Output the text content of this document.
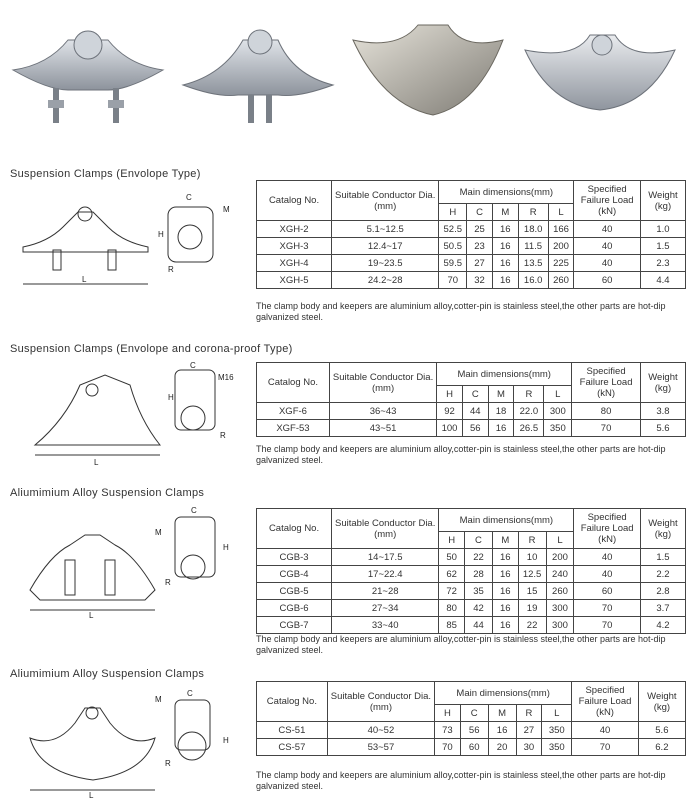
Suspension Clamps (Envolope Type)
L
C
M
H
R
Catalog No.	Suitable Conductor Dia.(mm)	Main dimensions(mm)					Specified Failure Load (kN)	Weight (kg)
		H	C	M	R	L		
XGH-2	5.1~12.5	52.5	25	16	18.0	166	40	1.0
XGH-3	12.4~17	50.5	23	16	11.5	200	40	1.5
XGH-4	19~23.5	59.5	27	16	13.5	225	40	2.3
XGH-5	24.2~28	70	32	16	16.0	260	60	4.4
The clamp body and keepers are aluminium alloy,cotter-pin is stainless steel,the other parts are hot-dip galvanized steel.
Suspension Clamps (Envolope and corona-proof Type)
L
C
M16
H
R
Catalog No.	Suitable Conductor Dia.(mm)	Main dimensions(mm)					Specified Failure Load (kN)	Weight (kg)
		H	C	M	R	L		
XGF-6	36~43	92	44	18	22.0	300	80	3.8
XGF-53	43~51	100	56	16	26.5	350	70	5.6
The clamp body and keepers are aluminium alloy,cotter-pin is stainless steel,the other parts are hot-dip galvanized steel.
Aliumimium Alloy Suspension Clamps
L
C
M
H
R
Catalog No.	Suitable Conductor Dia.(mm)	Main dimensions(mm)					Specified Failure Load (kN)	Weight (kg)
		H	C	M	R	L		
CGB-3	14~17.5	50	22	16	10	200	40	1.5
CGB-4	17~22.4	62	28	16	12.5	240	40	2.2
CGB-5	21~28	72	35	16	15	260	60	2.8
CGB-6	27~34	80	42	16	19	300	70	3.7
CGB-7	33~40	85	44	16	22	300	70	4.2
The clamp body and keepers are aluminium alloy,cotter-pin is stainless steel,the other parts are hot-dip galvanized steel.
Aliumimium Alloy Suspension Clamps
L
C
M
H
R
Catalog No.	Suitable Conductor Dia.(mm)	Main dimensions(mm)					Specified Failure Load (kN)	Weight (kg)
		H	C	M	R	L		
CS-51	40~52	73	56	16	27	350	40	5.6
CS-57	53~57	70	60	20	30	350	70	6.2
The clamp body and keepers are aluminium alloy,cotter-pin is stainless steel,the other parts are hot-dip galvanized steel.
